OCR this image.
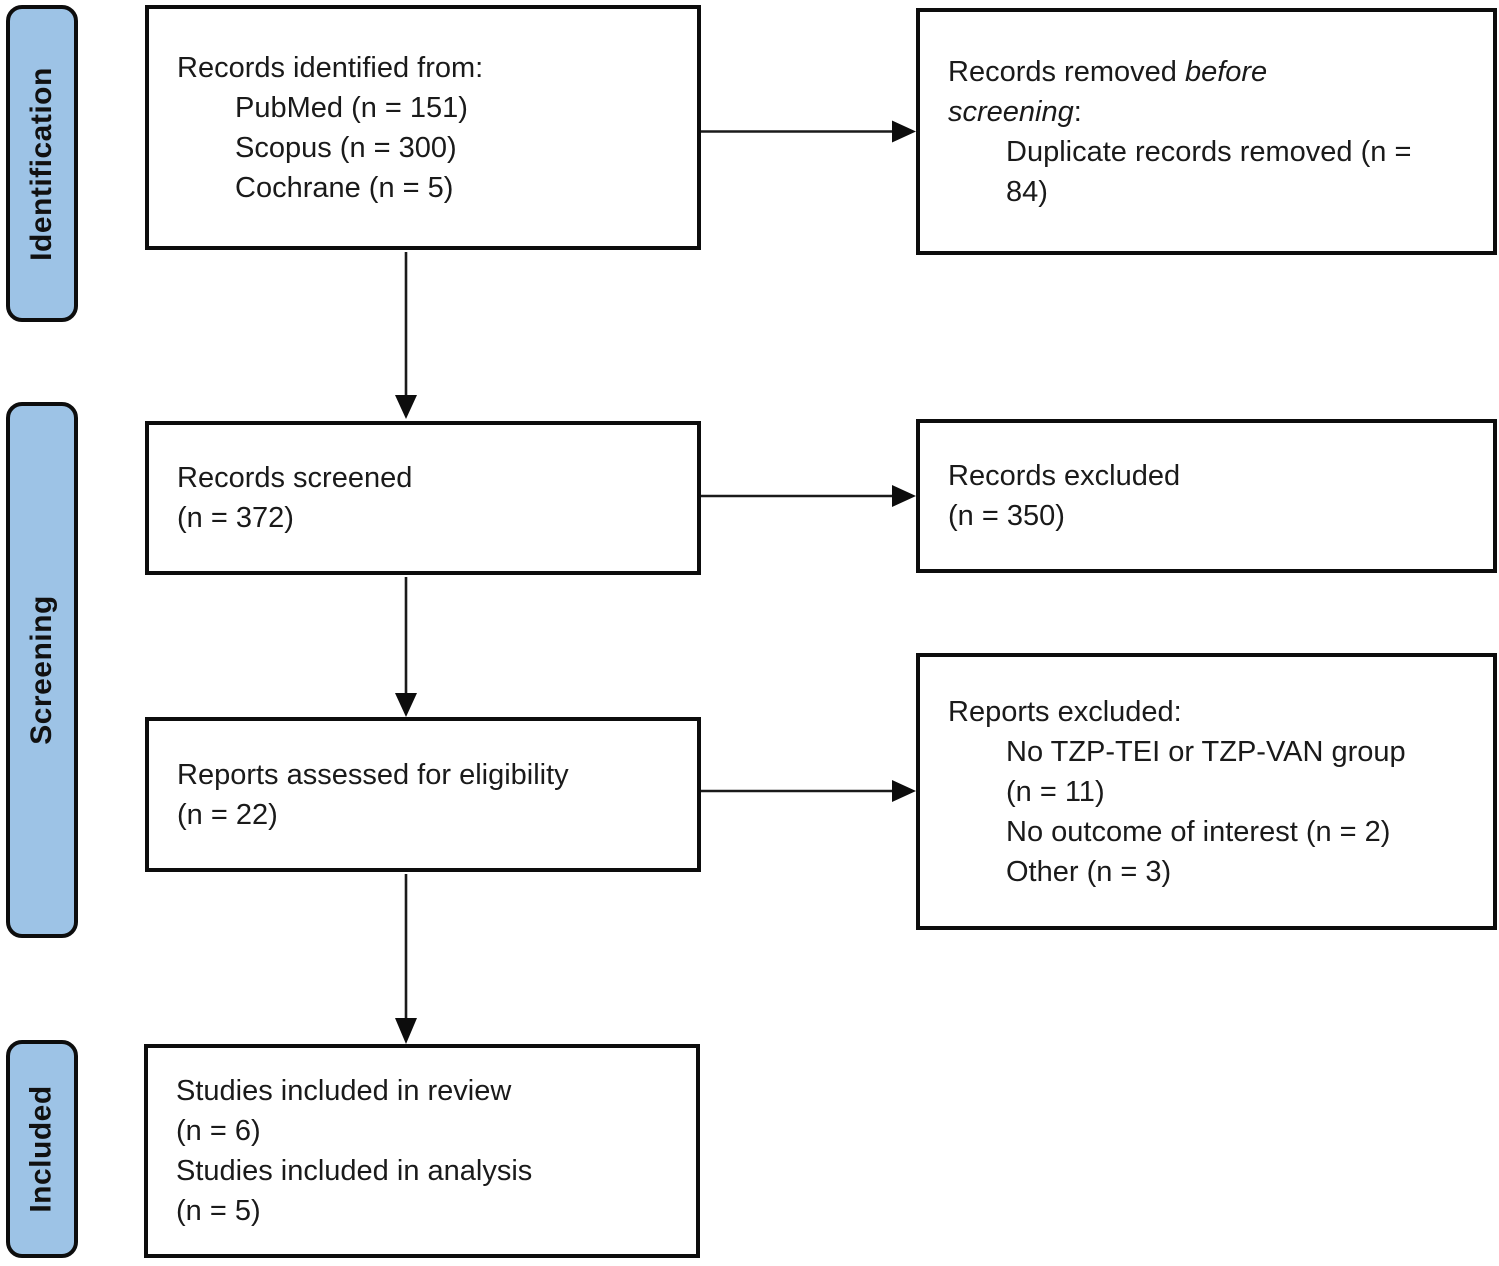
Identification
Screening
Included
Records identified from:
PubMed (n = 151)
Scopus (n = 300)
Cochrane (n = 5)
Records removed before screening:
Duplicate records removed (n = 84)
Records screened
(n = 372)
Records excluded
(n = 350)
Reports assessed for eligibility
(n = 22)
Reports excluded:
No TZP-TEI or TZP-VAN group (n = 11)
No outcome of interest (n = 2)
Other (n = 3)
Studies included in review
(n = 6)
Studies included in analysis
(n = 5)
